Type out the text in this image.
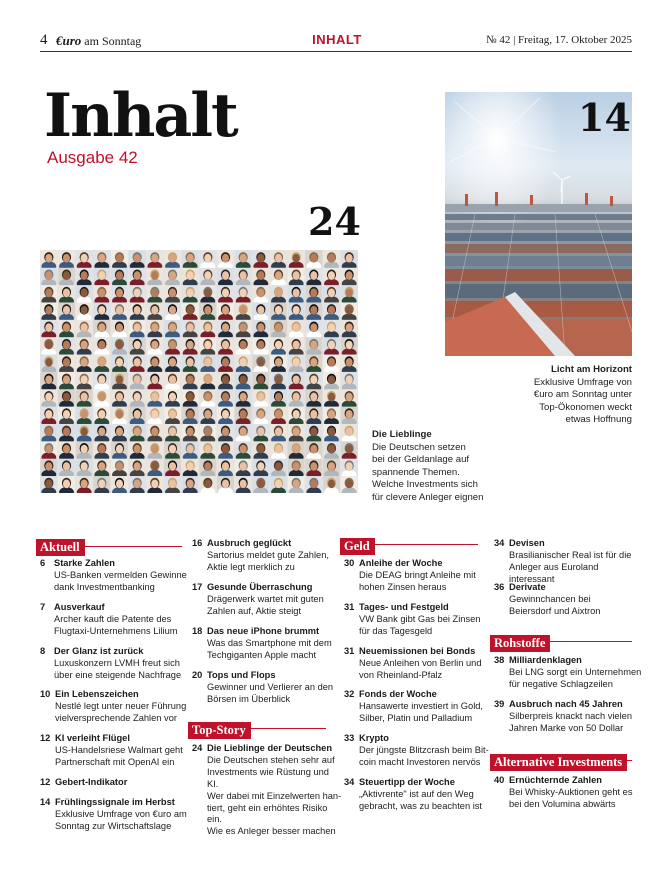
4 €uro am Sonntag	INHALT	№ 42 | Freitag, 17. Oktober 2025
Inhalt
Ausgabe 42
14
Licht am Horizont
Exklusive Umfrage von
€uro am Sonntag unter
Top-Ökonomen weckt
etwas Hoffnung
24
Die Lieblinge
Die Deutschen setzen
bei der Geldanlage auf
spannende Themen.
Welche Investments sich
für clevere Anleger eignen
Aktuell
6 Starke Zahlen
US-Banken vermelden Gewinne
dank Investmentbanking
7 Ausverkauf
Archer kauft die Patente des
Flugtaxi-Unternehmens Lilium
8 Der Glanz ist zurück
Luxuskonzern LVMH freut sich
über eine steigende Nachfrage
10 Ein Lebenszeichen
Nestlé legt unter neuer Führung
vielversprechende Zahlen vor
12 KI verleiht Flügel
US-Handelsriese Walmart geht
Partnerschaft mit OpenAI ein
12 Gebert-Indikator
14 Frühlingssignale im Herbst
Exklusive Umfrage von €uro am
Sonntag zur Wirtschaftslage
16 Ausbruch geglückt
Sartorius meldet gute Zahlen,
Aktie legt merklich zu
17 Gesunde Überraschung
Drägerwerk wartet mit guten
Zahlen auf, Aktie steigt
18 Das neue iPhone brummt
Was das Smartphone mit dem
Techgiganten Apple macht
20 Tops und Flops
Gewinner und Verlierer an den
Börsen im Überblick
Top-Story
24 Die Lieblinge der Deutschen
Die Deutschen stehen sehr auf
Investments wie Rüstung und KI.
Wer dabei mit Einzelwerten han-
tiert, geht ein erhöhtes Risiko ein.
Wie es Anleger besser machen
Geld
30 Anleihe der Woche
Die DEAG bringt Anleihe mit
hohen Zinsen heraus
31 Tages- und Festgeld
VW Bank gibt Gas bei Zinsen
für das Tagesgeld
31 Neuemissionen bei Bonds
Neue Anleihen von Berlin und
von Rheinland-Pfalz
32 Fonds der Woche
Hansawerte investiert in Gold,
Silber, Platin und Palladium
33 Krypto
Der jüngste Blitzcrash beim Bit-
coin macht Investoren nervös
34 Steuertipp der Woche
„Aktivrente" ist auf den Weg
gebracht, was zu beachten ist
34 Devisen
Brasilianischer Real ist für die
Anleger aus Euroland interessant
36 Derivate
Gewinnchancen bei
Beiersdorf und Aixtron
Rohstoffe
38 Milliardenklagen
Bei LNG sorgt ein Unternehmen
für negative Schlagzeilen
39 Ausbruch nach 45 Jahren
Silberpreis knackt nach vielen
Jahren Marke von 50 Dollar
Alternative Investments
40 Ernüchternde Zahlen
Bei Whisky-Auktionen geht es
bei den Volumina abwärts
